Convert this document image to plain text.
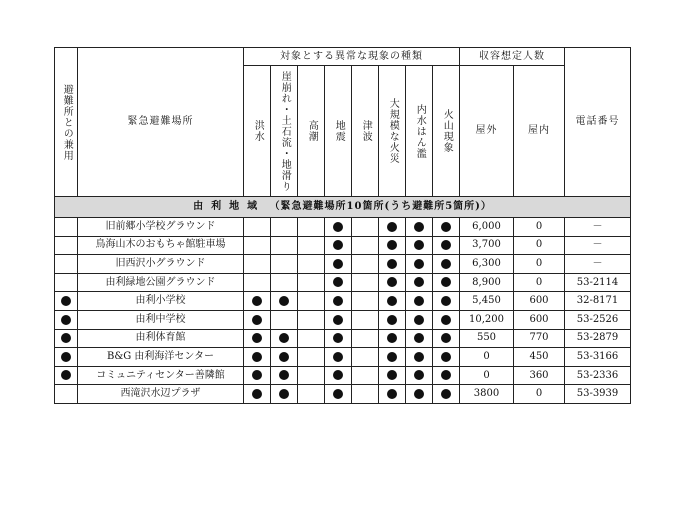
避難所との兼用	緊急避難場所	対象とする異常な現象の種類								収容想定人数		電話番号

		洪水	崖崩れ・土石流・地滑り	高潮	地震	津波	大規模な火災	内水はん濫	火山現象	屋外	屋内	
由利地域 （緊急避難場所10箇所(うち避難所5箇所)）												
	旧前郷小学校グラウンド									6,000	0	－
	鳥海山木のおもちゃ館駐車場									3,700	0	－
	旧西沢小グラウンド									6,300	0	－
	由利緑地公園グラウンド									8,900	0	53-2114
	由利小学校									5,450	600	32-8171
	由利中学校									10,200	600	53-2526
	由利体育館									550	770	53-2879
	B&G 由利海洋センター									0	450	53-3166
	コミュニティセンター善隣館									0	360	53-2336
	西滝沢水辺プラザ									3800	0	53-3939
